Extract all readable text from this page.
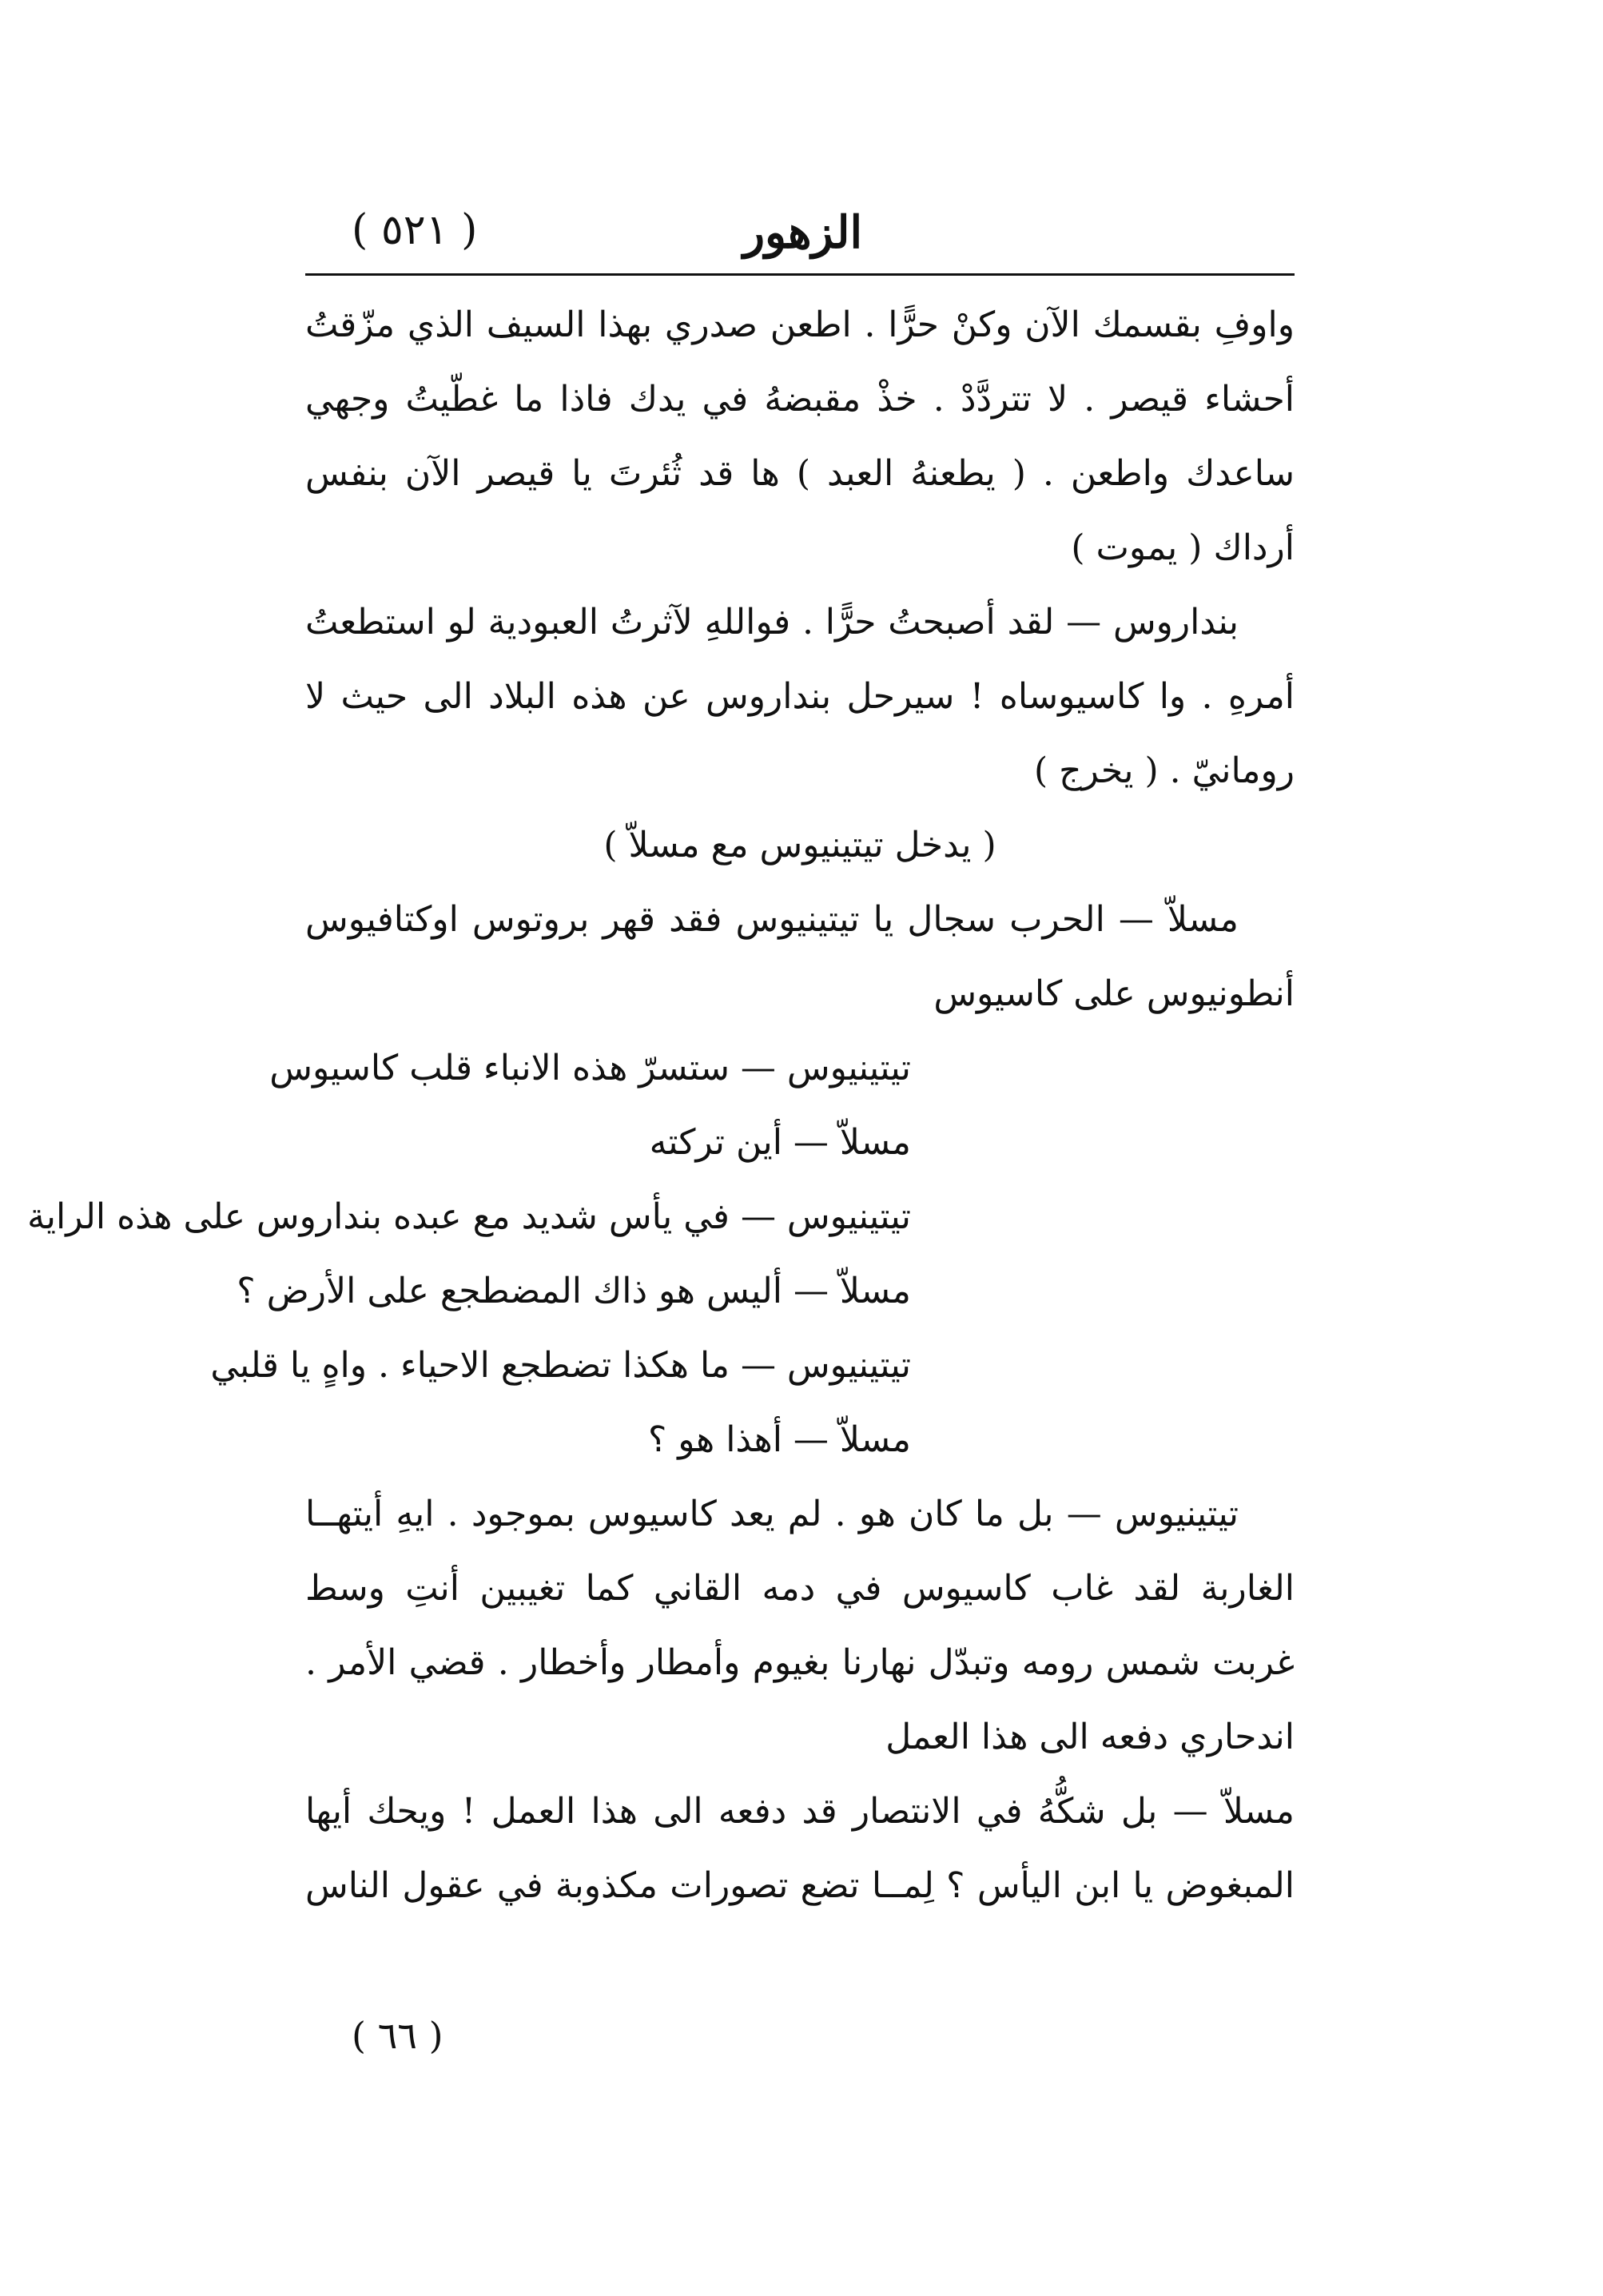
( ٥٢١ )	الزهور
واوفِ بقسمك الآن وكنْ حرًّا . اطعن صدري بهذا السيف الذي مزّقتُ
أحشاء قيصر . لا تتردَّدْ . خذْ مقبضهُ في يدك فاذا ما غطّيتُ وجهي
ساعدك واطعن . ( يطعنهُ العبد ) ها قد ثُئرتَ يا قيصر الآن بنفس
أرداك ( يموت )
بنداروس — لقد أصبحتُ حرًّا . فواللهِ لآثرتُ العبودية لو استطعتُ
أمرهِ . وا كاسيوساه ! سيرحل بنداروس عن هذه البلاد الى حيث لا
رومانيّ . ( يخرج )
( يدخل تيتينيوس مع مسلاّ )
مسلاّ — الحرب سجال يا تيتينيوس فقد قهر بروتوس اوكتافيوس
أنطونيوس على كاسيوس
تيتينيوس — ستسرّ هذه الانباء قلب كاسيوس
مسلاّ — أين تركته
تيتينيوس — في يأس شديد مع عبده بنداروس على هذه الراية
مسلاّ — أليس هو ذاك المضطجع على الأرض ؟
تيتينيوس — ما هكذا تضطجع الاحياء . واهٍ يا قلبي
مسلاّ — أهذا هو ؟
تيتينيوس — بل ما كان هو . لم يعد كاسيوس بموجود . ايهِ أيتهــا
الغاربة لقد غاب كاسيوس في دمه القاني كما تغيبين أنتِ وسط
غربت شمس رومه وتبدّل نهارنا بغيوم وأمطار وأخطار . قضي الأمر .
اندحاري دفعه الى هذا العمل
مسلاّ — بل شكُّهُ في الانتصار قد دفعه الى هذا العمل ! ويحك أيها
المبغوض يا ابن اليأس ؟ لِمــا تضع تصورات مكذوبة في عقول الناس
( ٦٦ )
